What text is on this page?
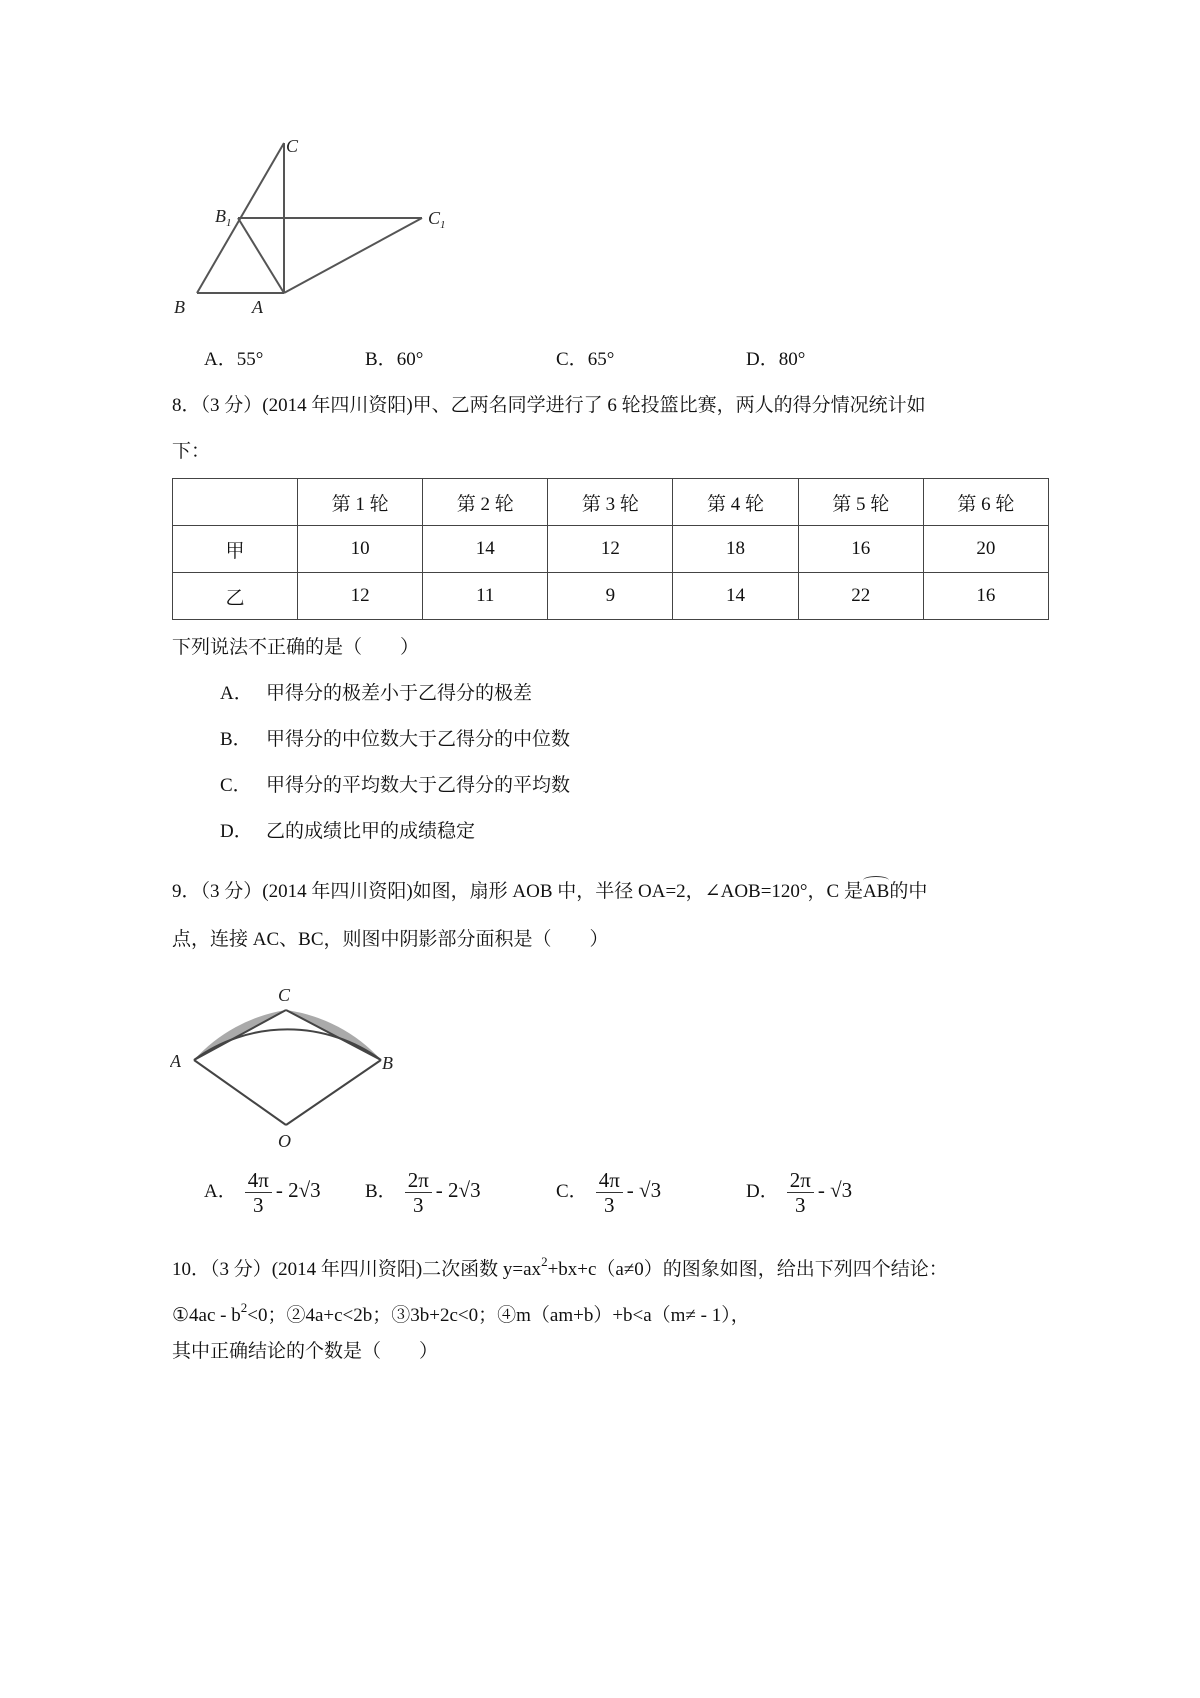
C
$B_1$	$C_1$
B	A
A．55°	B．60°	C．65°	D．80°
8．（3 分）(2014 年四川资阳)甲、乙两名同学进行了 6 轮投篮比赛，两人的得分情况统计如
下：
	第 1 轮	第 2 轮	第 3 轮	第 4 轮	第 5 轮	第 6 轮
甲	10	14	12	18	16	20
乙	12	11	9	14	22	16
下列说法不正确的是（　　）
A． 甲得分的极差小于乙得分的极差
B． 甲得分的中位数大于乙得分的中位数
C． 甲得分的平均数大于乙得分的平均数
D． 乙的成绩比甲的成绩稳定
9．（3 分）(2014 年四川资阳)如图，扇形 AOB 中，半径 OA=2，∠AOB=120°，C 是AB的中
点，连接 AC、BC，则图中阴影部分面积是（　　）
C
A	B
O
A． $\frac{4\pi}{3} - 2√3$ B． $\frac{2\pi}{3} - 2√3$	C． $\frac{4\pi}{3} - √3$	D． $\frac{2\pi}{3} - √3$
10．（3 分）(2014 年四川资阳)二次函数 $y=ax^2+bx+c(a\ne 0)$的图象如图，给出下列四个结论：
①4ac - $b^2<0$；②4a+c<2b；③3b+2c<0；④m（am+b）+b<a（m≠ - 1），
其中正确结论的个数是（　　）
